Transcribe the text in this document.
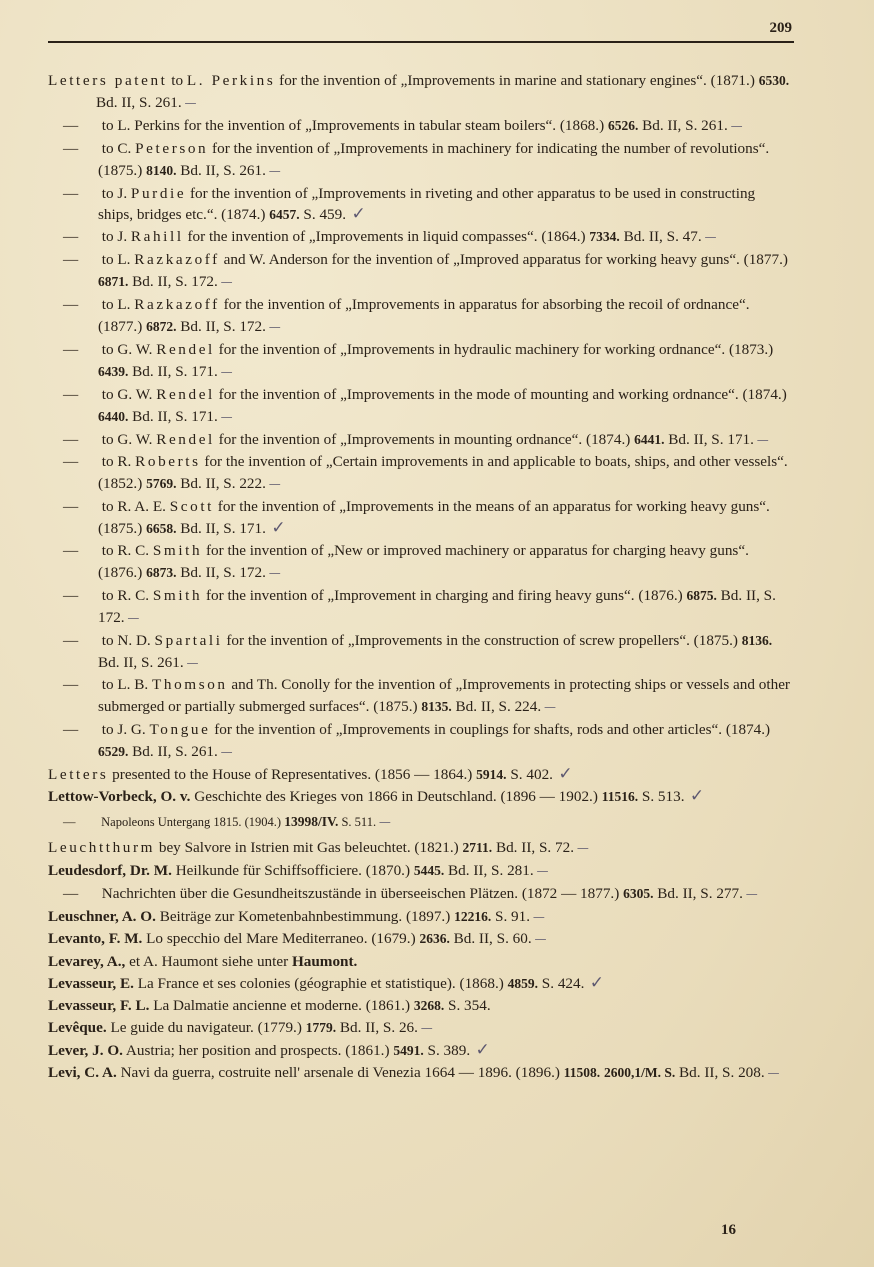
209
Letters patent to L. Perkins for the invention of „Improvements in marine and stationary engines“. (1871.) 6530. Bd. II, S. 261. —
— to L. Perkins for the invention of „Improvements in tabular steam boilers“. (1868.) 6526. Bd. II, S. 261. —
— to C. Peterson for the invention of „Improvements in machinery for indicating the number of revolutions“. (1875.) 8140. Bd. II, S. 261. —
— to J. Purdie for the invention of „Improvements in riveting and other apparatus to be used in constructing ships, bridges etc.“. (1874.) 6457. S. 459. ✓
— to J. Rahill for the invention of „Improvements in liquid compasses“. (1864.) 7334. Bd. II, S. 47. —
— to L. Razkazoff and W. Anderson for the invention of „Improved apparatus for working heavy guns“. (1877.) 6871. Bd. II, S. 172. —
— to L. Razkazoff for the invention of „Improvements in apparatus for absorbing the recoil of ordnance“. (1877.) 6872. Bd. II, S. 172. —
— to G. W. Rendel for the invention of „Improvements in hydraulic machinery for working ordnance“. (1873.) 6439. Bd. II, S. 171. —
— to G. W. Rendel for the invention of „Improvements in the mode of mounting and working ordnance“. (1874.) 6440. Bd. II, S. 171. —
— to G. W. Rendel for the invention of „Improvements in mounting ordnance“. (1874.) 6441. Bd. II, S. 171. —
— to R. Roberts for the invention of „Certain improvements in and applicable to boats, ships, and other vessels“. (1852.) 5769. Bd. II, S. 222. —
— to R. A. E. Scott for the invention of „Improvements in the means of an apparatus for working heavy guns“. (1875.) 6658. Bd. II, S. 171. ✓
— to R. C. Smith for the invention of „New or improved machinery or apparatus for charging heavy guns“. (1876.) 6873. Bd. II, S. 172. —
— to R. C. Smith for the invention of „Improvement in charging and firing heavy guns“. (1876.) 6875. Bd. II, S. 172. —
— to N. D. Spartali for the invention of „Improvements in the construction of screw propellers“. (1875.) 8136. Bd. II, S. 261. —
— to L. B. Thomson and Th. Conolly for the invention of „Improvements in protecting ships or vessels and other submerged or partially submerged surfaces“. (1875.) 8135. Bd. II, S. 224. —
— to J. G. Tongue for the invention of „Improvements in couplings for shafts, rods and other articles“. (1874.) 6529. Bd. II, S. 261. —
Letters presented to the House of Representatives. (1856 — 1864.) 5914. S. 402. ✓
Lettow-Vorbeck, O. v. Geschichte des Krieges von 1866 in Deutschland. (1896 — 1902.) 11516. S. 513. ✓
— Napoleons Untergang 1815. (1904.) 13998/IV. S. 511. —
Leuchtthurm bey Salvore in Istrien mit Gas beleuchtet. (1821.) 2711. Bd. II, S. 72. —
Leudesdorf, Dr. M. Heilkunde für Schiffsofficiere. (1870.) 5445. Bd. II, S. 281. —
— Nachrichten über die Gesundheitszustände in überseeischen Plätzen. (1872 — 1877.) 6305. Bd. II, S. 277. —
Leuschner, A. O. Beiträge zur Kometenbahnbestimmung. (1897.) 12216. S. 91. —
Levanto, F. M. Lo specchio del Mare Mediterraneo. (1679.) 2636. Bd. II, S. 60. —
Levarey, A., et A. Haumont siehe unter Haumont.
Levasseur, E. La France et ses colonies (géographie et statistique). (1868.) 4859. S. 424. ✓
Levasseur, F. L. La Dalmatie ancienne et moderne. (1861.) 3268. S. 354.
Levêque. Le guide du navigateur. (1779.) 1779. Bd. II, S. 26. —
Lever, J. O. Austria; her position and prospects. (1861.) 5491. S. 389. ✓
Levi, C. A. Navi da guerra, costruite nell' arsenale di Venezia 1664 — 1896. (1896.) 11508. 2600,1/M. S. Bd. II, S. 208. —
16
